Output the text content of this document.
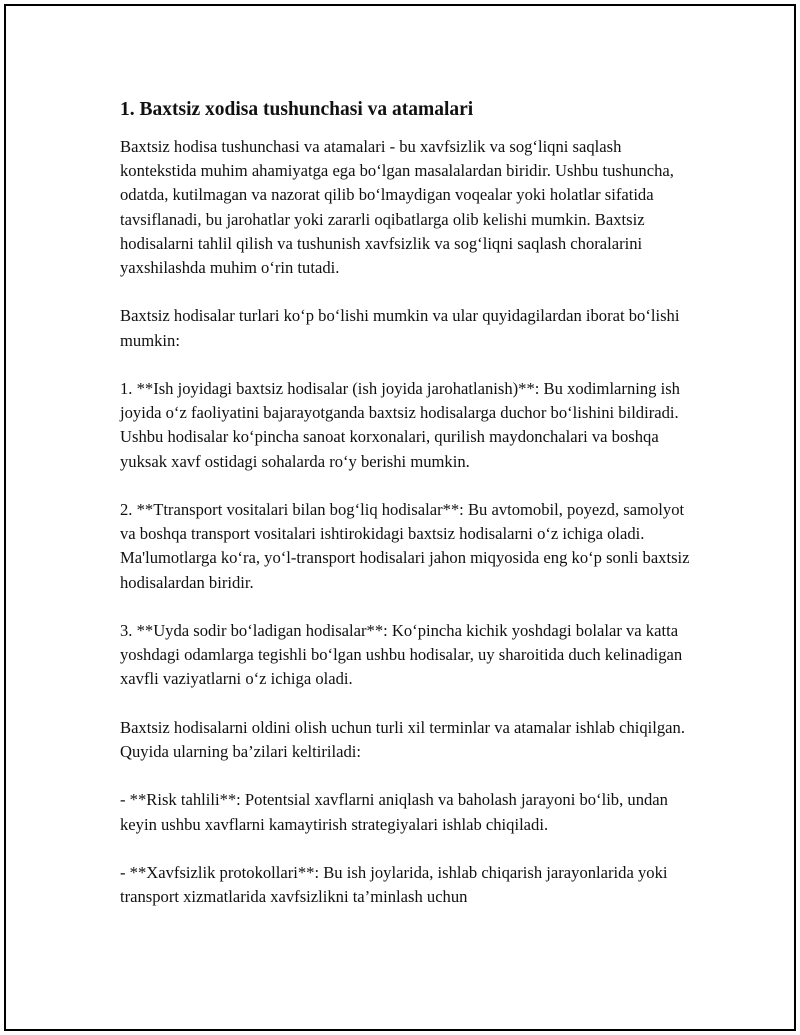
1. Baxtsiz xodisa tushunchasi va atamalari

Baxtsiz hodisa tushunchasi va atamalari - bu xavfsizlik va sog‘liqni saqlash kontekstida muhim ahamiyatga ega bo‘lgan masalalardan biridir. Ushbu tushuncha, odatda, kutilmagan va nazorat qilib bo‘lmaydigan voqealar yoki holatlar sifatida tavsiflanadi, bu jarohatlar yoki zararli oqibatlarga olib kelishi mumkin. Baxtsiz hodisalarni tahlil qilish va tushunish xavfsizlik va sog‘liqni saqlash choralarini yaxshilashda muhim o‘rin tutadi.

Baxtsiz hodisalar turlari ko‘p bo‘lishi mumkin va ular quyidagilardan iborat bo‘lishi mumkin:

1. **Ish joyidagi baxtsiz hodisalar (ish joyida jarohatlanish)**: Bu xodimlarning ish joyida o‘z faoliyatini bajarayotganda baxtsiz hodisalarga duchor bo‘lishini bildiradi. Ushbu hodisalar ko‘pincha sanoat korxonalari, qurilish maydonchalari va boshqa yuksak xavf ostidagi sohalarda ro‘y berishi mumkin.

2. **Ttransport vositalari bilan bog‘liq hodisalar**: Bu avtomobil, poyezd, samolyot va boshqa transport vositalari ishtirokidagi baxtsiz hodisalarni o‘z ichiga oladi. Ma'lumotlarga ko‘ra, yo‘l-transport hodisalari jahon miqyosida eng ko‘p sonli baxtsiz hodisalardan biridir.

3. **Uyda sodir bo‘ladigan hodisalar**: Ko‘pincha kichik yoshdagi bolalar va katta yoshdagi odamlarga tegishli bo‘lgan ushbu hodisalar, uy sharoitida duch kelinadigan xavfli vaziyatlarni o‘z ichiga oladi.

Baxtsiz hodisalarni oldini olish uchun turli xil terminlar va atamalar ishlab chiqilgan. Quyida ularning ba’zilari keltiriladi:

- **Risk tahlili**: Potentsial xavflarni aniqlash va baholash jarayoni bo‘lib, undan keyin ushbu xavflarni kamaytirish strategiyalari ishlab chiqiladi.

- **Xavfsizlik protokollari**: Bu ish joylarida, ishlab chiqarish jarayonlarida yoki transport xizmatlarida xavfsizlikni ta’minlash uchun
